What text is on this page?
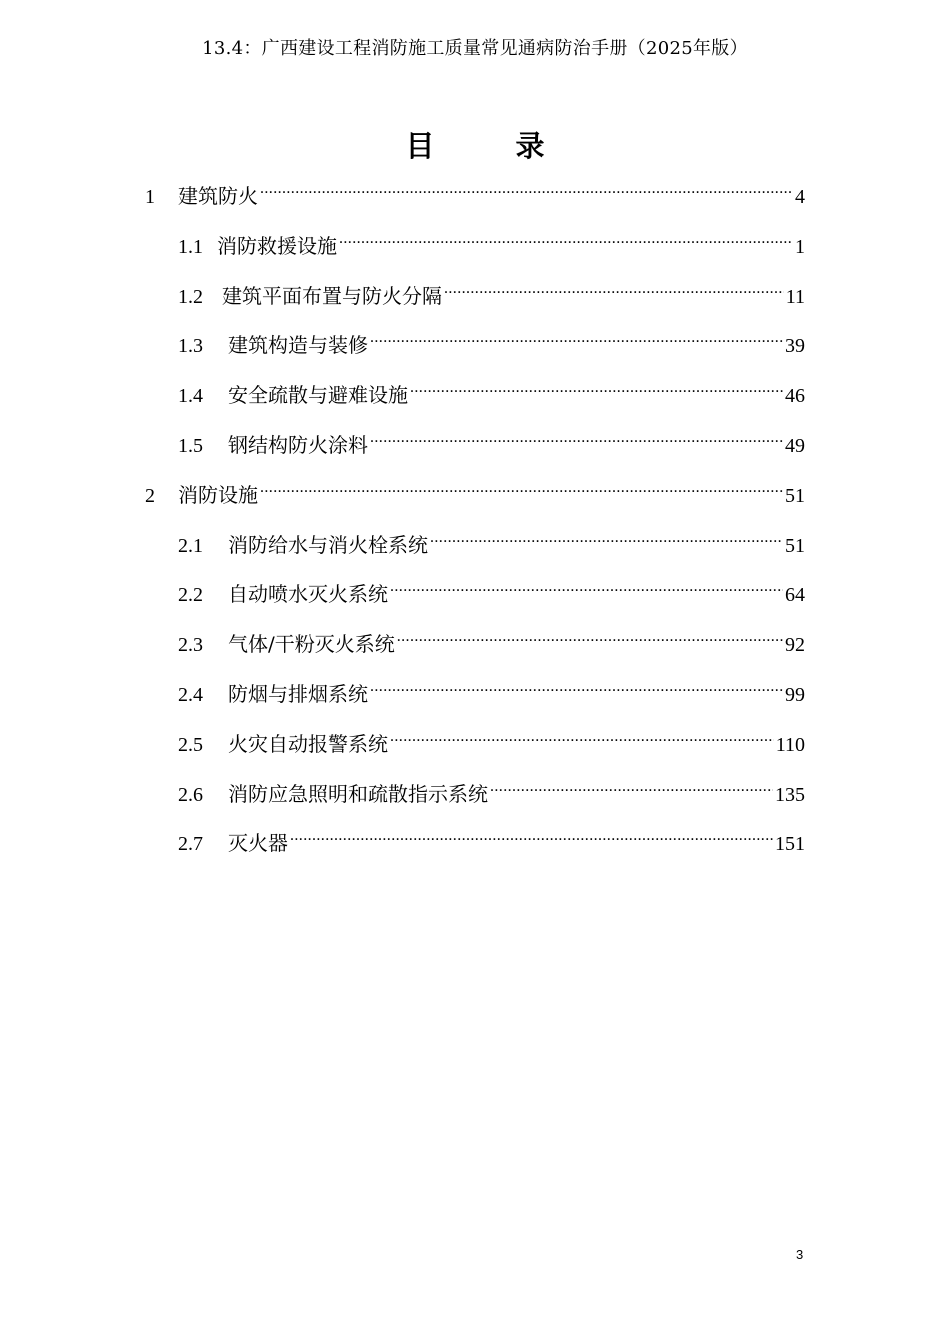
13.4：广西建设工程消防施工质量常见通病防治手册（2025年版）
目　录
1	建筑防火 .....	4
1.1 消防救援设施 .....	1
1.2 建筑平面布置与防火分隔 .....	11
1.3	建筑构造与装修 .....	39
1.4	安全疏散与避难设施 .....	46
1.5	钢结构防火涂料 .....	49
2	消防设施 .....	51
2.1	消防给水与消火栓系统 .....	51
2.2	自动喷水灭火系统 .....	64
2.3	气体/干粉灭火系统 .....	92
2.4	防烟与排烟系统 .....	99
2.5	火灾自动报警系统 .....	110
2.6	消防应急照明和疏散指示系统 .....	135
2.7	灭火器 .....	151
3
